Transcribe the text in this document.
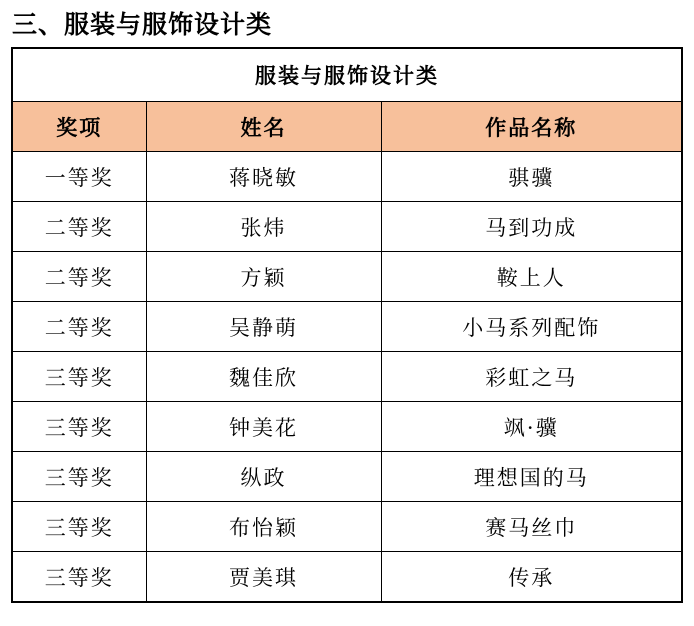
三、服装与服饰设计类
服装与服饰设计类		
奖项	姓名	作品名称
一等奖	蒋晓敏	骐骥
二等奖	张炜	马到功成
二等奖	方颖	鞍上人
二等奖	吴静萌	小马系列配饰
三等奖	魏佳欣	彩虹之马
三等奖	钟美花	飒·骥
三等奖	纵政	理想国的马
三等奖	布怡颖	赛马丝巾
三等奖	贾美琪	传承
